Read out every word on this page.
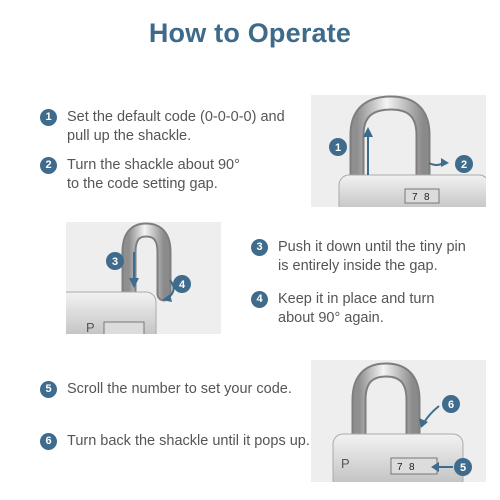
How to Operate
1	Set the default code (0-0-0-0) and
pull up the shackle.
2	Turn the shackle about 90°
to the code setting gap.
3	Push it down until the tiny pin
is entirely inside the gap.
4	Keep it in place and turn
about 90° again.
5	Scroll the number to set your code.
6	Turn back the shackle until it pops up.
7 8
1
2
P
3
4
P	7 8
6
5
